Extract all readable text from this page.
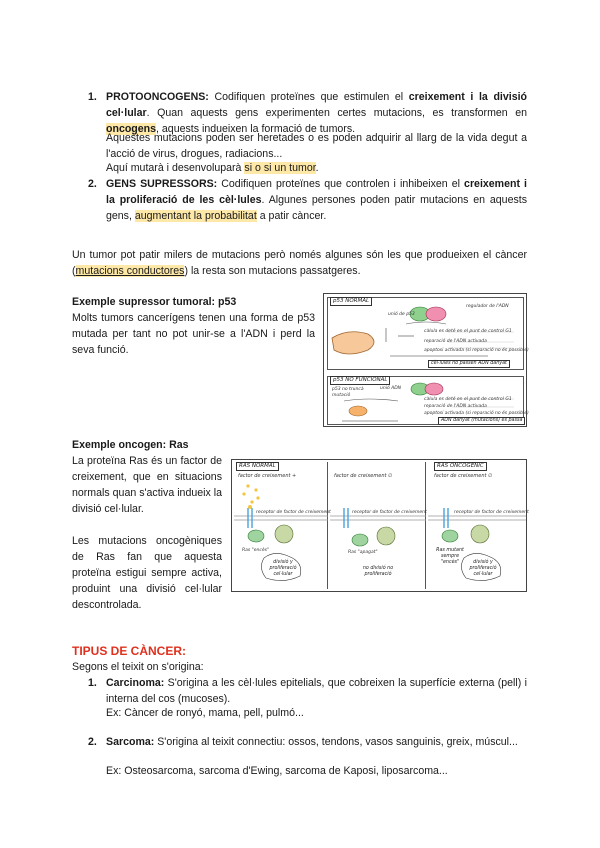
1. PROTOONCOGENS: Codifiquen proteïnes que estimulen el creixement i la divisió cel·lular. Quan aquests gens experimenten certes mutacions, es transformen en oncogens, aquests indueixen la formació de tumors.
Aquestes mutacions poden ser heretades o es poden adquirir al llarg de la vida degut a l'acció de virus, drogues, radiacions...
Aquí mutarà i desenvoluparà si o si un tumor.
2. GENS SUPRESSORS: Codifiquen proteïnes que controlen i inhibeixen el creixement i la proliferació de les cèl·lules. Algunes persones poden patir mutacions en aquests gens, augmentant la probabilitat a patir càncer.
Un tumor pot patir milers de mutacions però només algunes són les que produeixen el càncer (mutacions conductores) la resta son mutacions passatgeres.
Exemple supressor tumoral: p53
Molts tumors cancerígens tenen una forma de p53 mutada per tant no pot unir-se a l'ADN i perd la seva funció.
Exemple oncogen: Ras
La proteïna Ras és un factor de creixement, que en situacions normals quan s'activa indueix la divisió cel·lular.
Les mutacions oncogèniques de Ras fan que aquesta proteïna estigui sempre activa, produint una divisió cel·lular descontrolada.
p53 NORMAL
unió de p53
regulador de l'ADN
càlula es deté en el punt de control G1
reparació de l'ADN activada
apoptosi activada (si reparació no és possible)
cèl·lules no passen ADN danyat
p53 NO FUNCIONAL
unió ADN
p53 no truncà
mutació
càlula es deté en el punt de control G1
reparació de l'ADN activada
apoptosi activada (si reparació no és possible)
ADN danyat (mutacions) es passa
RAS NORMAL
factor de creixement +
receptor de factor de creixement
Ras "encès"
divisió y proliferació cel·lular
factor de creixement ∅
receptor de factor de creixement
Ras "apagat"
no divisió no proliferació
RAS ONCOGÈNIC
factor de creixement ∅
receptor de factor de creixement
Ras mutant sempre "encès"	divisió y proliferació cel·lular
TIPUS DE CÀNCER:
Segons el teixit on s'origina:
1. Carcinoma: S'origina a les cèl·lules epitelials, que cobreixen la superfície externa (pell) i interna del cos (mucoses).
Ex: Càncer de ronyó, mama, pell, pulmó...
2. Sarcoma: S'origina al teixit connectiu: ossos, tendons, vasos sanguinis, greix, múscul...
Ex: Osteosarcoma, sarcoma d'Ewing, sarcoma de Kaposi, liposarcoma...
